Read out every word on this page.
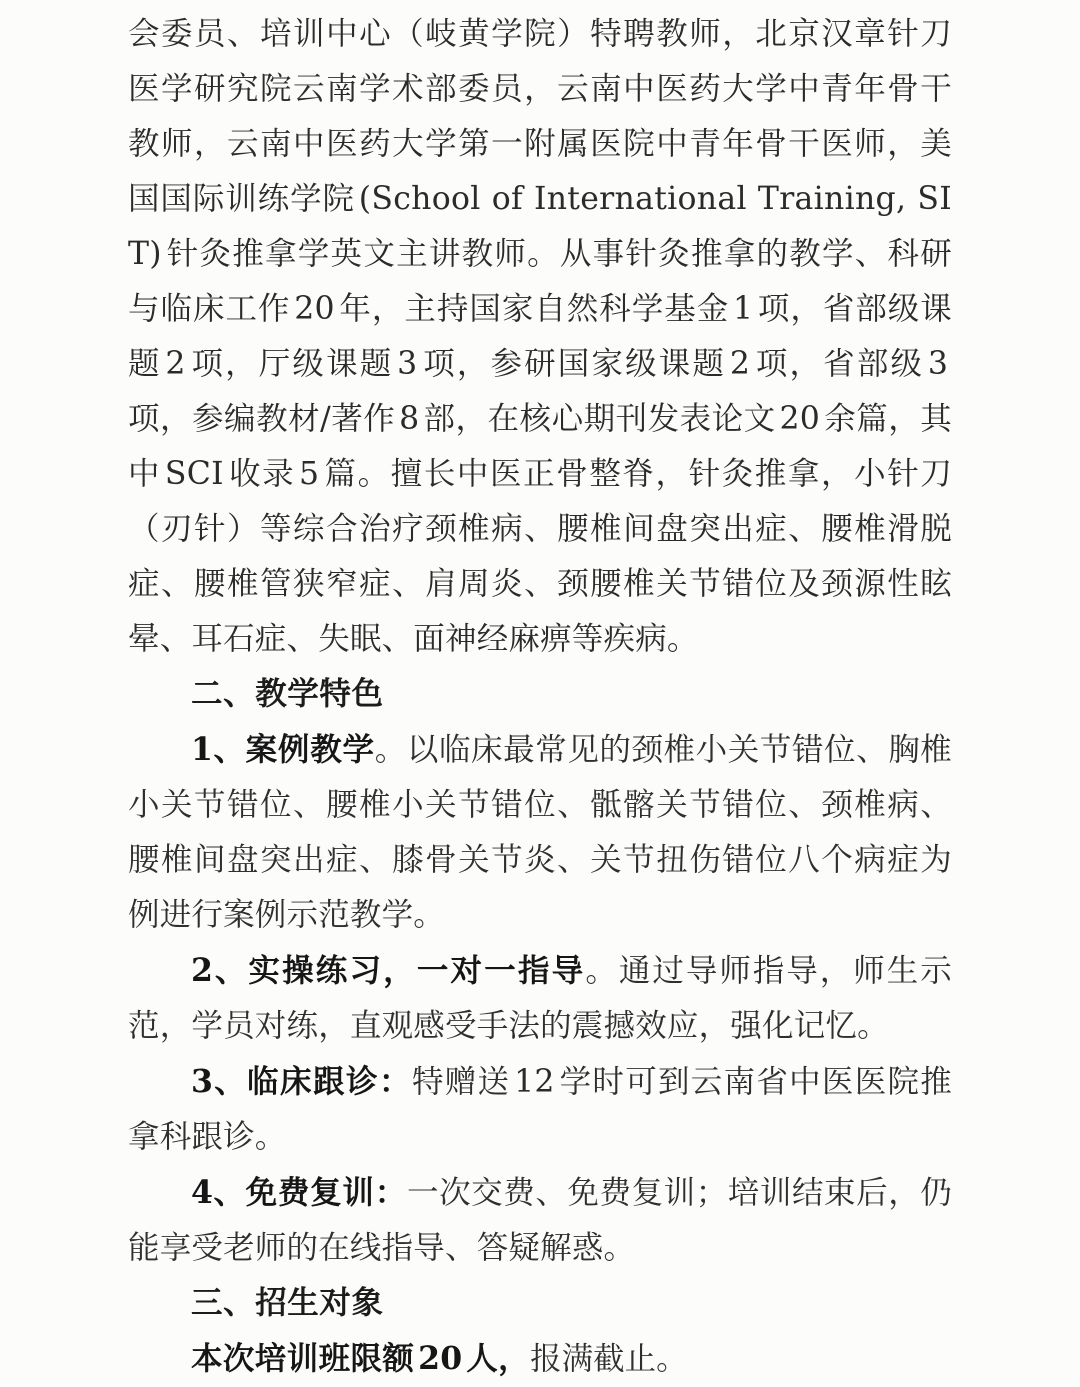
会委员、培训中心（岐黄学院）特聘教师，北京汉章针刀医学研究院云南学术部委员，云南中医药大学中青年骨干教师，云南中医药大学第一附属医院中青年骨干医师，美国国际训练学院 (School of International Training, SIT) 针灸推拿学英文主讲教师。从事针灸推拿的教学、科研与临床工作 20 年，主持国家自然科学基金 1 项，省部级课题 2 项，厅级课题 3 项，参研国家级课题 2 项，省部级 3项，参编教材/著作 8 部，在核心期刊发表论文 20 余篇，其中 SCI 收录 5 篇。擅长中医正骨整脊，针灸推拿，小针刀（刃针）等综合治疗颈椎病、腰椎间盘突出症、腰椎滑脱症、腰椎管狭窄症、肩周炎、颈腰椎关节错位及颈源性眩晕、耳石症、失眠、面神经麻痹等疾病。

二、教学特色

1、案例教学。以临床最常见的颈椎小关节错位、胸椎小关节错位、腰椎小关节错位、骶髂关节错位、颈椎病、腰椎间盘突出症、膝骨关节炎、关节扭伤错位八个病症为例进行案例示范教学。

2、实操练习，一对一指导。通过导师指导，师生示范，学员对练，直观感受手法的震撼效应，强化记忆。

3、临床跟诊：特赠送 12 学时可到云南省中医医院推拿科跟诊。

4、免费复训：一次交费、免费复训；培训结束后，仍能享受老师的在线指导、答疑解惑。

三、招生对象

本次培训班限额 20 人，报满截止。
